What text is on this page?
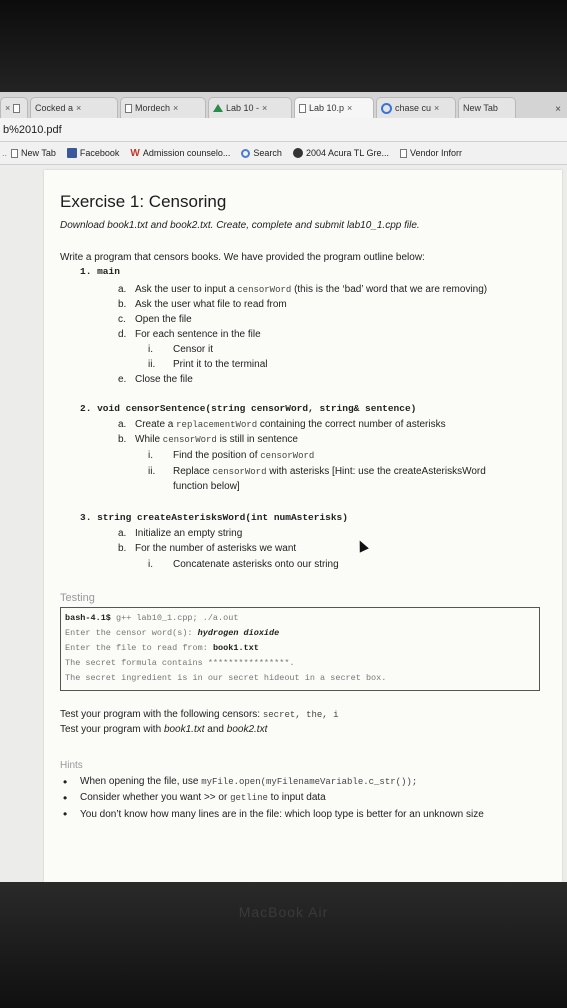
×	Cocked a ×	Mordech ×	Lab 10 - ×	Lab 10.p ×	chase cu ×	New Tab	×
b%2010.pdf
.. New Tab	Facebook W Admission counselo...	Search	2004 Acura TL Gre... Vendor Inforr
Exercise 1: Censoring
Download book1.txt and book2.txt. Create, complete and submit lab10_1.cpp file.
Write a program that censors books. We have provided the program outline below:
1. main
a. Ask the user to input a censorWord (this is the ‘bad’ word that we are removing)
b. Ask the user what file to read from
c. Open the file
d. For each sentence in the file
i. Censor it
ii. Print it to the terminal
e. Close the file
2. void censorSentence(string censorWord, string& sentence)
a. Create a replacementWord containing the correct number of asterisks
b. While censorWord is still in sentence
i. Find the position of censorWord
ii. Replace censorWord with asterisks [Hint: use the createAsterisksWord
function below]
3. string createAsterisksWord(int numAsterisks)
a. Initialize an empty string
b. For the number of asterisks we want
i. Concatenate asterisks onto our string
Testing
bash-4.1$ g++ lab10_1.cpp; ./a.out
Enter the censor word(s): hydrogen dioxide
Enter the file to read from: book1.txt
The secret formula contains ****************.
The secret ingredient is in our secret hideout in a secret box.
Test your program with the following censors: secret, the, i
Test your program with book1.txt and book2.txt
Hints
• When opening the file, use myFile.open(myFilenameVariable.c_str());
• Consider whether you want >> or getline to input data
• You don’t know how many lines are in the file: which loop type is better for an unknown size
MacBook Air
